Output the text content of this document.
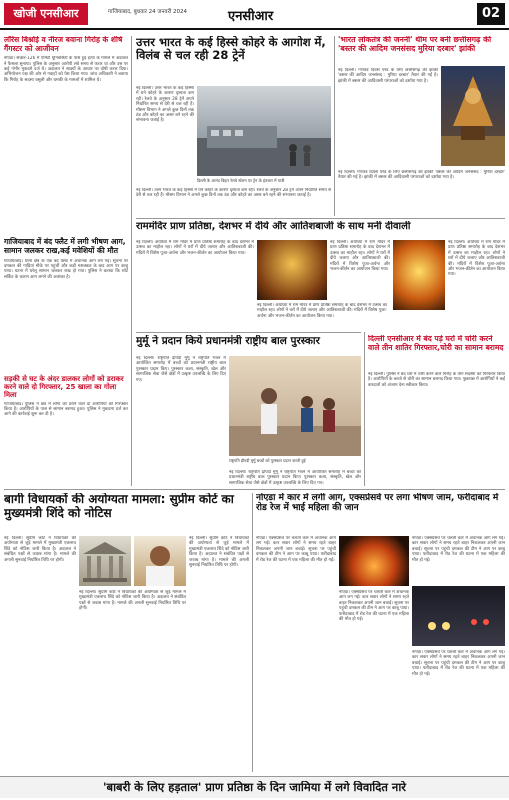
खोजी एनसीआर	गाजियाबाद, बुधवार 24 जनवरी 2024	एनसीआर	02
लॉरेंस बिश्नोई व नीरज बवाना गिरोह के शीर्ष गैंगस्टर को आजीवन
नोएडा। सेक्टर-126 में एमिटी यूनिवर्सिटी के पास हुई हत्या के मामले में अदालत ने फैसला सुनाया। पुलिस के अनुसार आरोपी लंबे समय से फरार था और उस पर कई गंभीर मुकदमे दर्ज थे। अदालत ने साक्ष्यों के आधार पर दोषी करार दिया। अभियोजन पक्ष की ओर से गवाहों को पेश किया गया। जांच अधिकारी ने बताया कि गिरोह के सदस्य वसूली और धमकी के मामलों में शामिल थे।
गाजियाबाद में बंद फ्लैट में लगी भीषण आग, सामान जलकर राख,कई मवेशियों की मौत
गाजियाबाद। थाना क्षेत्र के एक बंद फ्लैट में अचानक आग लग गई। सूचना पर दमकल की गाड़ियां मौके पर पहुंचीं और कड़ी मशक्कत के बाद आग पर काबू पाया। घटना में घरेलू सामान जलकर राख हो गया। पुलिस ने बताया कि शॉर्ट सर्किट के कारण आग लगने की आशंका है।
सड़की से घट के अंदर डालकर लोगों को डराकर करने वाले दो गिरफ्तार, 25 खाला का गोला मिला
गाजियाबाद। पुलिस ने क्षेत्र में लोगों को डराने वाले दो आरोपियों को गिरफ्तार किया है। आरोपियों के पास से सामान बरामद हुआ। पुलिस ने मुकदमा दर्ज कर आगे की कार्रवाई शुरू कर दी है।
उत्तर भारत के कई हिस्से कोहरे के आगोश में, विलंब से चल रही 28 ट्रेनें
नई दिल्ली। उत्तर भारत के कई हिस्सों में घने कोहरे के कारण दृश्यता कम रही। रेलवे के अनुसार 28 ट्रेनें अपने निर्धारित समय से देरी से चल रही हैं। मौसम विभाग ने अगले कुछ दिनों तक ठंड और कोहरे का असर बने रहने की संभावना जताई है।
दिल्ली के आनंद विहार रेलवे स्टेशन पर ट्रेन के इंतजार में यात्री
नई दिल्ली। उत्तर भारत के कई हिस्सों में घने कोहरे के कारण दृश्यता कम रही। रेलवे के अनुसार 28 ट्रेनें अपने निर्धारित समय से देरी से चल रही हैं। मौसम विभाग ने अगले कुछ दिनों तक ठंड और कोहरे का असर बने रहने की संभावना जताई है।
'भारत लोकतंत्र की जननी' थीम पर बनी छत्तीसगढ़ की 'बस्तर की आदिम जनसंसद मुरिया दरबार' झांकी
नई दिल्ली। गणतंत्र दिवस परेड के लिए छत्तीसगढ़ की झांकी 'बस्तर की आदिम जनसंसद : मुरिया दरबार' तैयार की गई है। झांकी में बस्तर की आदिवासी परंपराओं को दर्शाया गया है।
नई दिल्ली। गणतंत्र दिवस परेड के लिए छत्तीसगढ़ की झांकी 'बस्तर की आदिम जनसंसद : मुरिया दरबार' तैयार की गई है। झांकी में बस्तर की आदिवासी परंपराओं को दर्शाया गया है।
राममंदिर प्राण प्रतिष्ठा, देशभर में दीये और आतिशबाजी के साथ मनी दीवाली
नई दिल्ली। अयोध्या में राम मंदिर में प्राण प्रतिष्ठा समारोह के बाद देशभर में उत्सव का माहौल रहा। लोगों ने घरों में दीये जलाए और आतिशबाजी की। मंदिरों में विशेष पूजा-अर्चना और भजन-कीर्तन का आयोजन किया गया।
नई दिल्ली। अयोध्या में राम मंदिर में प्राण प्रतिष्ठा समारोह के बाद देशभर में उत्सव का माहौल रहा। लोगों ने घरों में दीये जलाए और आतिशबाजी की। मंदिरों में विशेष पूजा-अर्चना और भजन-कीर्तन का आयोजन किया गया।
नई दिल्ली। अयोध्या में राम मंदिर में प्राण प्रतिष्ठा समारोह के बाद देशभर में उत्सव का माहौल रहा। लोगों ने घरों में दीये जलाए और आतिशबाजी की। मंदिरों में विशेष पूजा-अर्चना और भजन-कीर्तन का आयोजन किया गया।
नई दिल्ली। अयोध्या में राम मंदिर में प्राण प्रतिष्ठा समारोह के बाद देशभर में उत्सव का माहौल रहा। लोगों ने घरों में दीये जलाए और आतिशबाजी की। मंदिरों में विशेष पूजा-अर्चना और भजन-कीर्तन का आयोजन किया गया।
मुर्मू ने प्रदान किये प्रधानमंत्री राष्ट्रीय बाल पुरस्कार
नई दिल्ली। राष्ट्रपति द्रौपदी मुर्मू ने राष्ट्रपति भवन में आयोजित समारोह में बच्चों को प्रधानमंत्री राष्ट्रीय बाल पुरस्कार प्रदान किए। पुरस्कार कला, संस्कृति, खेल और सामाजिक सेवा जैसे क्षेत्रों में उत्कृष्ट उपलब्धि के लिए दिए गए।
राष्ट्रपति द्रौपदी मुर्मू बच्चों को पुरस्कार प्रदान करती हुई
नई दिल्ली। राष्ट्रपति द्रौपदी मुर्मू ने राष्ट्रपति भवन में आयोजित समारोह में बच्चों को प्रधानमंत्री राष्ट्रीय बाल पुरस्कार प्रदान किए। पुरस्कार कला, संस्कृति, खेल और सामाजिक सेवा जैसे क्षेत्रों में उत्कृष्ट उपलब्धि के लिए दिए गए।
दिल्ली एनसीआर में बंद पड़े घरों में चोरी करने वाले तीन शातिर गिरफ्तार,चोरी का सामान बरामद
नई दिल्ली। पुलिस ने बंद घरों में चोरी करने वाले गिरोह के तीन सदस्यों को गिरफ्तार किया है। आरोपियों के कब्जे से चोरी का सामान बरामद किया गया। पूछताछ में आरोपियों ने कई वारदातों को अंजाम देना स्वीकार किया।
बागी विधायकों की अयोग्यता मामला: सुप्रीम कोर्ट का मुख्यमंत्री शिंदे को नोटिस
नई दिल्ली। सुप्रीम कोर्ट ने विधायकों की अयोग्यता से जुड़े मामले में मुख्यमंत्री एकनाथ शिंदे को नोटिस जारी किया है। अदालत ने संबंधित पक्षों से जवाब मांगा है। मामले की अगली सुनवाई निर्धारित तिथि पर होगी।
नई दिल्ली। सुप्रीम कोर्ट ने विधायकों की अयोग्यता से जुड़े मामले में मुख्यमंत्री एकनाथ शिंदे को नोटिस जारी किया है। अदालत ने संबंधित पक्षों से जवाब मांगा है। मामले की अगली सुनवाई निर्धारित तिथि पर होगी।
नई दिल्ली। सुप्रीम कोर्ट ने विधायकों की अयोग्यता से जुड़े मामले में मुख्यमंत्री एकनाथ शिंदे को नोटिस जारी किया है। अदालत ने संबंधित पक्षों से जवाब मांगा है। मामले की अगली सुनवाई निर्धारित तिथि पर होगी।
नोएडा में कार में लगी आग, एक्सप्रेसवे पर लगा भीषण जाम, फरीदाबाद में रोड रेज में भाई महिला की जान
नोएडा। एक्सप्रेसवे पर चलती कार में अचानक आग लग गई। कार सवार लोगों ने समय रहते बाहर निकलकर अपनी जान बचाई। सूचना पर पहुंची दमकल की टीम ने आग पर काबू पाया। फरीदाबाद में रोड रेज की घटना में एक महिला की मौत हो गई।
नोएडा। एक्सप्रेसवे पर चलती कार में अचानक आग लग गई। कार सवार लोगों ने समय रहते बाहर निकलकर अपनी जान बचाई। सूचना पर पहुंची दमकल की टीम ने आग पर काबू पाया। फरीदाबाद में रोड रेज की घटना में एक महिला की मौत हो गई।
नोएडा। एक्सप्रेसवे पर चलती कार में अचानक आग लग गई। कार सवार लोगों ने समय रहते बाहर निकलकर अपनी जान बचाई। सूचना पर पहुंची दमकल की टीम ने आग पर काबू पाया। फरीदाबाद में रोड रेज की घटना में एक महिला की मौत हो गई।
नोएडा। एक्सप्रेसवे पर चलती कार में अचानक आग लग गई। कार सवार लोगों ने समय रहते बाहर निकलकर अपनी जान बचाई। सूचना पर पहुंची दमकल की टीम ने आग पर काबू पाया। फरीदाबाद में रोड रेज की घटना में एक महिला की मौत हो गई।
'बाबरी के लिए हड़ताल' प्राण प्रतिष्ठा के दिन जामिया में लगे विवादित नारे
